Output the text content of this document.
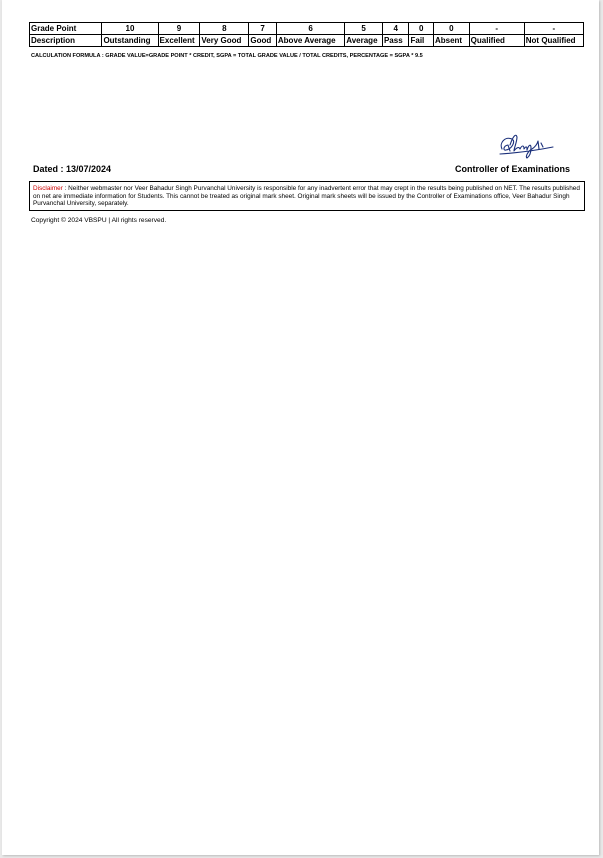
Grade Point	10	9	8	7	6	5	4	0	0	-	-
Description	Outstanding	Excellent	Very Good	Good	Above Average	Average	Pass	Fail	Absent	Qualified	Not Qualified
CALCULATION FORMULA : GRADE VALUE=GRADE POINT * CREDIT, SGPA = TOTAL GRADE VALUE / TOTAL CREDITS, PERCENTAGE = SGPA * 9.5
Dated : 13/07/2024	Controller of Examinations
Disclaimer : Neither webmaster nor Veer Bahadur Singh Purvanchal University is responsible for any inadvertent error that may crept in the results being published on NET. The results published on net are immediate information for Students. This cannot be treated as original mark sheet. Original mark sheets will be issued by the Controller of Examinations office, Veer Bahadur Singh Purvanchal University, separately.
Copyright © 2024 VBSPU | All rights reserved.
